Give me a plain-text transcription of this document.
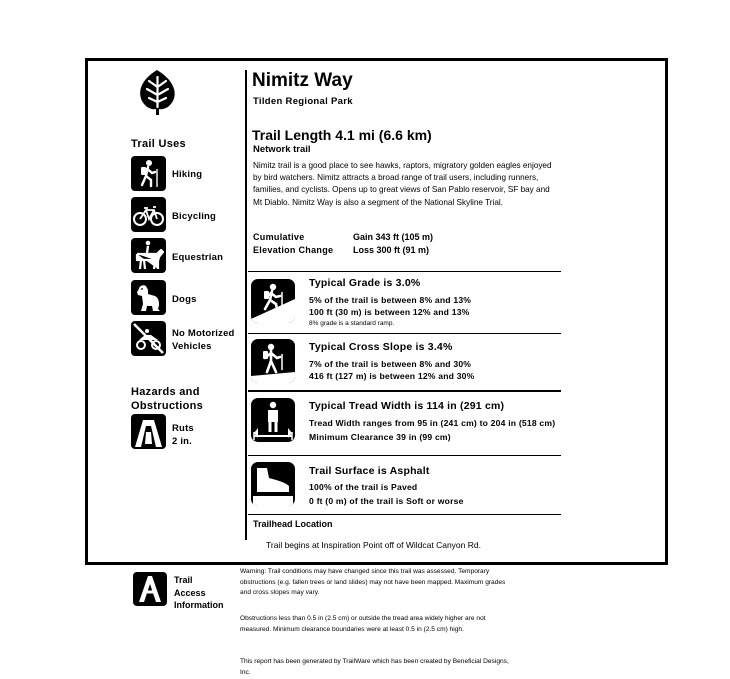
Trail Uses
Hiking
Bicycling
Equestrian
Dogs
No Motorized
Vehicles
Hazards and
Obstructions
Ruts
2 in.
Nimitz Way
Tilden Regional Park
Trail Length 4.1 mi (6.6 km)
Network trail
Nimitz trail is a good place to see hawks, raptors, migratory golden eagles enjoyed by bird watchers. Nimitz attracts a broad range of trail users, including runners, families, and cyclists. Opens up to great views of San Pablo reservoir, SF bay and Mt Diablo. Nimitz Way is also a segment of the National Skyline Trial.
Cumulative
Elevation Change
Gain 343 ft (105 m)
Loss 300 ft (91 m)
Typical Grade is 3.0%
5% of the trail is between 8% and 13%
100 ft (30 m) is between 12% and 13%
8% grade is a standard ramp.
Typical Cross Slope is 3.4%
7% of the trail is between 8% and 30%
416 ft (127 m) is between 12% and 30%
Typical Tread Width is 114 in (291 cm)
Tread Width ranges from 95 in (241 cm) to 204 in (518 cm)
Minimum Clearance 39 in (99 cm)
Trail Surface is Asphalt
100% of the trail is Paved
0 ft (0 m) of the trail is Soft or worse
Trailhead Location
Trail begins at Inspiration Point off of Wildcat Canyon Rd.
Trail
Access
Information
Warning: Trail conditions may have changed since this trail was assessed. Temporary obstructions (e.g. fallen trees or land slides) may not have been mapped. Maximum grades and cross slopes may vary.
Obstructions less than 0.5 in (2.5 cm) or outside the tread area widely higher are not measured. Minimum clearance boundaries were at least 0.5 in (2.5 cm) high.
This report has been generated by TrailWare which has been created by Beneficial Designs, Inc.
